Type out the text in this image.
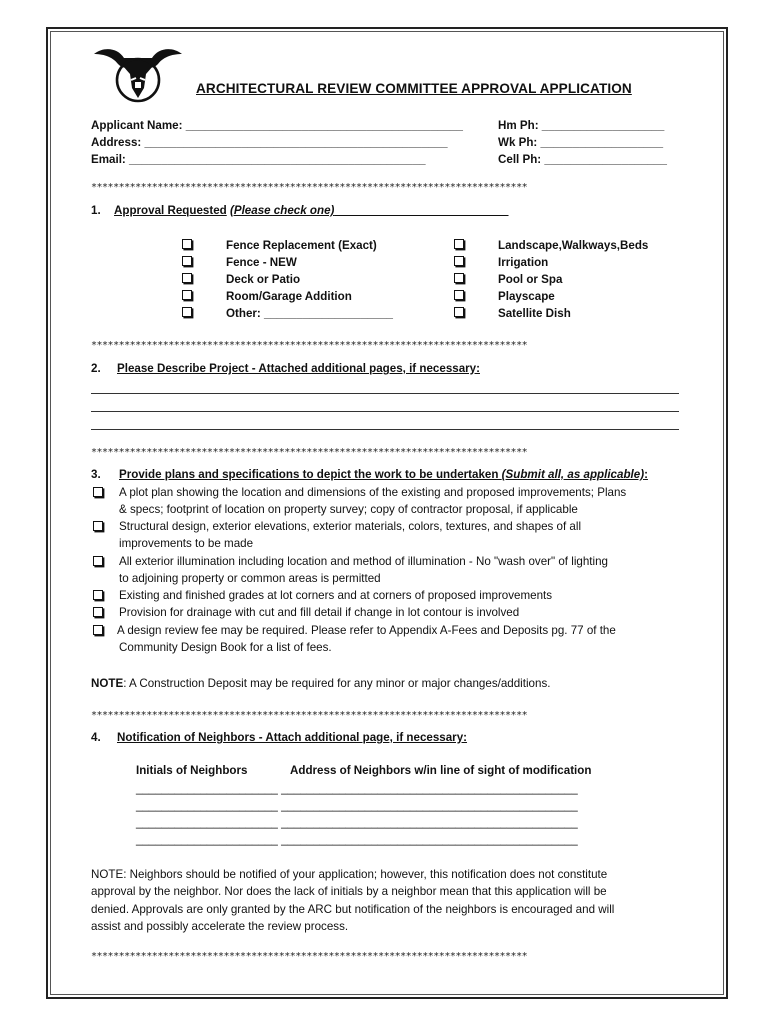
ARCHITECTURAL REVIEW COMMITTEE APPROVAL APPLICATION
Applicant Name: ___________________________________________
Address: _______________________________________________
Email: ______________________________________________
Hm Ph: ___________________
Wk Ph: ___________________
Cell Ph: ___________________
*******************************************************************************
1. Approval Requested (Please check one)___________________________
Fence Replacement (Exact)
Fence - NEW
Deck or Patio
Room/Garage Addition
Other: ____________________
Landscape,Walkways,Beds
Irrigation
Pool or Spa
Playscape
Satellite Dish
*******************************************************************************
2. Please Describe Project - Attached additional pages, if necessary:
*******************************************************************************
3. Provide plans and specifications to depict the work to be undertaken (Submit all, as applicable):
A plot plan showing the location and dimensions of the existing and proposed improvements; Plans
& specs; footprint of location on property survey; copy of contractor proposal, if applicable
Structural design, exterior elevations, exterior materials, colors, textures, and shapes of all
improvements to be made
All exterior illumination including location and method of illumination - No "wash over" of lighting
to adjoining property or common areas is permitted
Existing and finished grades at lot corners and at corners of proposed improvements
Provision for drainage with cut and fill detail if change in lot contour is involved
A design review fee may be required. Please refer to Appendix A-Fees and Deposits pg. 77 of the
Community Design Book for a list of fees.
NOTE: A Construction Deposit may be required for any minor or major changes/additions.
*******************************************************************************
4. Notification of Neighbors - Attach additional page, if necessary:
Initials of Neighbors	Address of Neighbors w/in line of sight of modification
______________________ ______________________________________________
______________________ ______________________________________________
______________________ ______________________________________________
______________________ ______________________________________________
NOTE: Neighbors should be notified of your application; however, this notification does not constitute
approval by the neighbor. Nor does the lack of initials by a neighbor mean that this application will be
denied. Approvals are only granted by the ARC but notification of the neighbors is encouraged and will
assist and possibly accelerate the review process.
*******************************************************************************
